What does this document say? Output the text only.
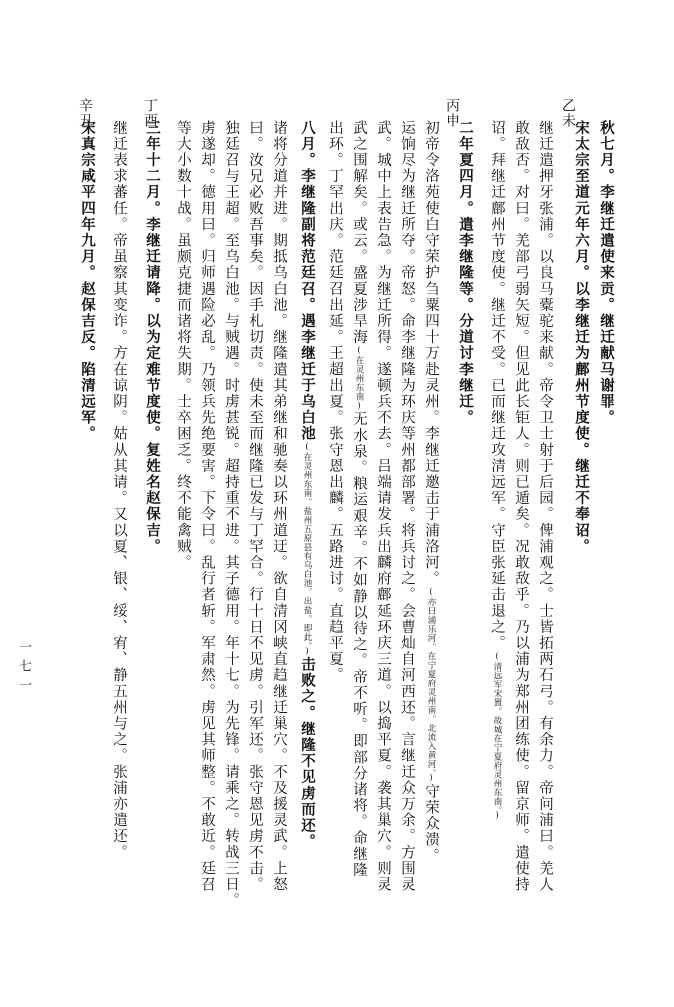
乙未
丙申
丁酉
辛丑
秋七月。李继迁遣使来贡。继迁献马谢罪。
宋太宗至道元年六月。以李继迁为鄜州节度使。继迁不奉诏。
继迁遣押牙张浦。以良马橐驼来献。帝令卫士射于后园。俾浦观之。士皆拓两石弓。有余力。帝问浦曰。羌人
敢敌否。对曰。羌部弓弱矢短。但见此长钜人。则已遁矣。况敢敌乎。乃以浦为郑州团练使。留京师。遣使持
诏。拜继迁鄜州节度使。继迁不受。已而继迁攻清远军。守臣张延击退之。(清远军宋置。故城在宁夏府灵州东南。)
二年夏四月。遣李继隆等。分道讨李继迁。
初帝令洛苑使白守荣护刍粟四十万赴灵州。李继迁邀击于浦洛河。(亦曰浦乐河。在宁夏府灵州南。北流入黄河。)守荣众溃。
运饷尽为继迁所夺。帝怒。命李继隆为环庆等州都部署。将兵讨之。会曹灿自河西还。言继迁众万余。方围灵
武。城中上表告急。为继迁所得。遂顿兵不去。吕端请发兵出麟府鄜延环庆三道。以捣平夏。袭其巢穴。则灵
武之围解矣。或云。盛夏涉旱海(在灵州东南)无水泉。粮运艰辛。不如静以待之。帝不听。即部分诸将。命继隆
出环。丁罕出庆。范廷召出延。王超出夏。张守恩出麟。五路进讨。直趋平夏。
八月。李继隆副将范廷召。遇李继迁于乌白池(在灵州东南。盐州五原县有乌白池。出盐。即此。)击败之。继隆不见虏而还。
诸将分道并进。期抵乌白池。继隆遣其弟继和驰奏以环州道迂。欲自清冈峡直趋继迁巢穴。不及援灵武。上怒
曰。汝兄必败吾事矣。因手札切责。使未至而继隆已发与丁罕合。行十日不见虏。引军还。张守恩见虏不击。
独廷召与王超。至乌白池。与贼遇。时虏甚锐。超持重不进。其子德用。年十七。为先锋。请乘之。转战三日。
虏遂却。德用曰。归师遇险必乱。乃领兵先绝要害。下令曰。乱行者斩。军肃然。虏见其师整。不敢近。廷召
等大小数十战。虽颇克捷而诸将失期。士卒困乏。终不能禽贼。
三年十二月。李继迁请降。以为定难节度使。复姓名赵保吉。
继迁表求蕃任。帝虽察其变诈。方在谅阴。姑从其请。又以夏、银、绥、宥、静五州与之。张浦亦遣还。
宋真宗咸平四年九月。赵保吉反。陷清远军。
一七一
